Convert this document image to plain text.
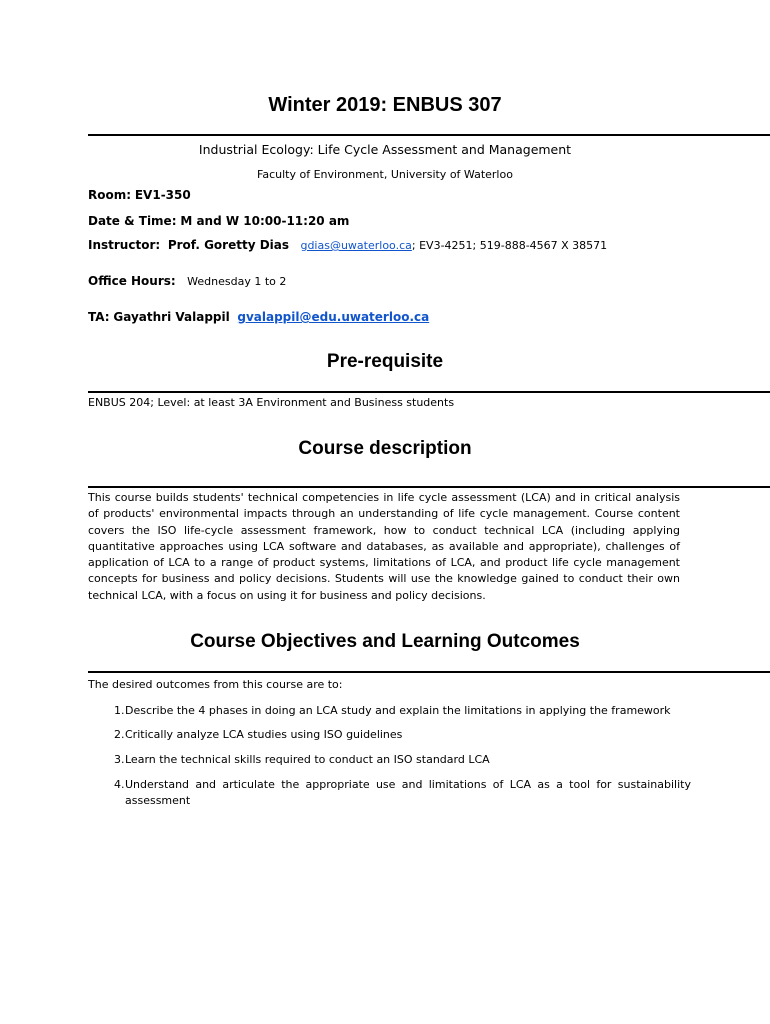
Winter 2019: ENBUS 307
Industrial Ecology: Life Cycle Assessment and Management
Faculty of Environment, University of Waterloo
Room: EV1-350
Date & Time: M and W 10:00-11:20 am
Instructor: Prof. Goretty Dias gdias@uwaterloo.ca; EV3-4251; 519-888-4567 X 38571
Office Hours: Wednesday 1 to 2
TA: Gayathri Valappil gvalappil@edu.uwaterloo.ca
Pre-requisite

ENBUS 204; Level: at least 3A Environment and Business students

Course description

This course builds students' technical competencies in life cycle assessment (LCA) and in critical analysis of products' environmental impacts through an understanding of life cycle management. Course content covers the ISO life-cycle assessment framework, how to conduct technical LCA (including applying quantitative approaches using LCA software and databases, as available and appropriate), challenges of application of LCA to a range of product systems, limitations of LCA, and product life cycle management concepts for business and policy decisions. Students will use the knowledge gained to conduct their own technical LCA, with a focus on using it for business and policy decisions.

Course Objectives and Learning Outcomes
The desired outcomes from this course are to:
1. Describe the 4 phases in doing an LCA study and explain the limitations in applying the framework
2. Critically analyze LCA studies using ISO guidelines
3. Learn the technical skills required to conduct an ISO standard LCA
4. Understand and articulate the appropriate use and limitations of LCA as a tool for sustainability assessment
